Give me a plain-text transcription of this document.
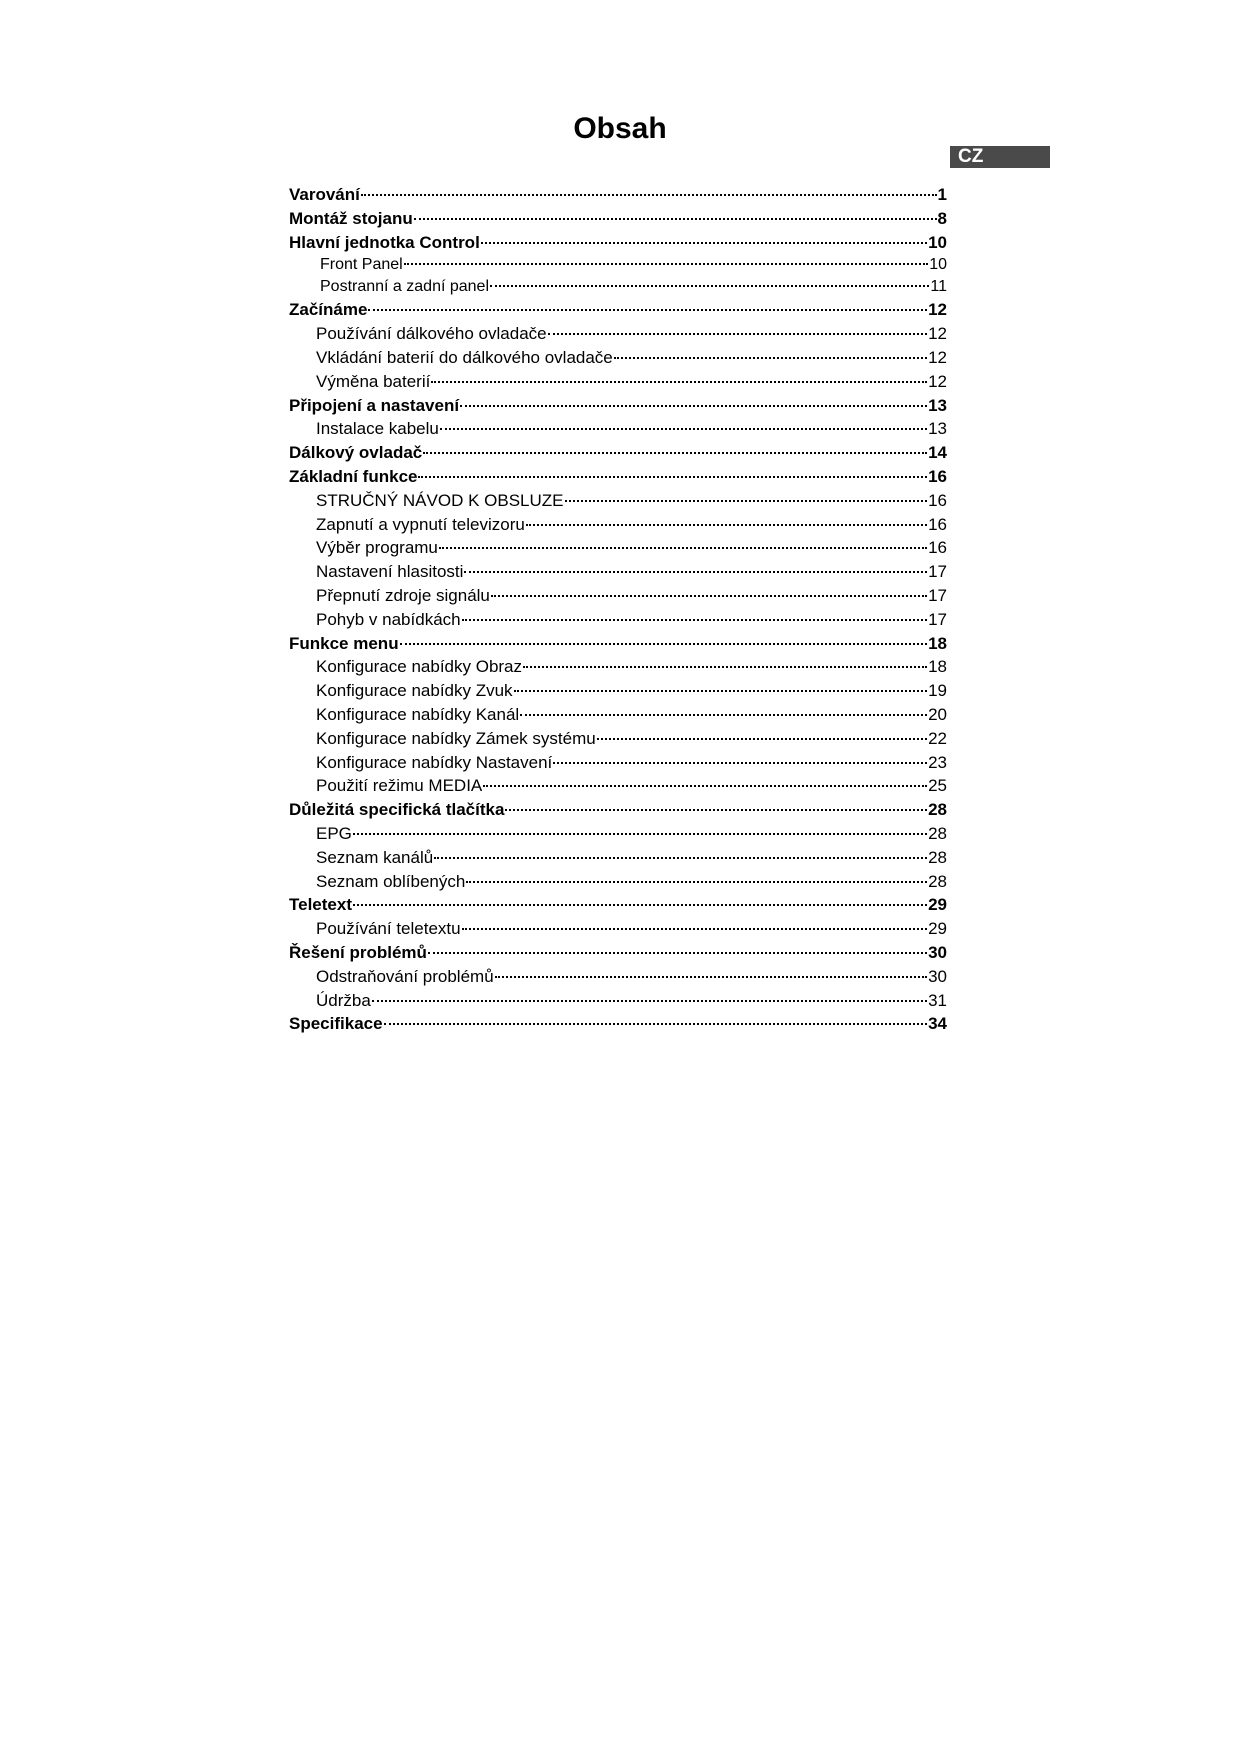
Obsah
CZ
Varování	1
Montáž stojanu	8
Hlavní jednotka Control	10
Front Panel	10
Postranní a zadní panel	11
Začínáme	12
Používání dálkového ovladače	12
Vkládání baterií do dálkového ovladače	12
Výměna baterií	12
Připojení a nastavení	13
Instalace kabelu	13
Dálkový ovladač	14
Základní funkce	16
STRUČNÝ NÁVOD K OBSLUZE	16
Zapnutí a vypnutí televizoru	16
Výběr programu	16
Nastavení hlasitosti	17
Přepnutí zdroje signálu	17
Pohyb v nabídkách	17
Funkce menu	18
Konfigurace nabídky Obraz	18
Konfigurace nabídky Zvuk	19
Konfigurace nabídky Kanál	20
Konfigurace nabídky Zámek systému	22
Konfigurace nabídky Nastavení	23
Použití režimu MEDIA	25
Důležitá specifická tlačítka	28
EPG	28
Seznam kanálů	28
Seznam oblíbených	28
Teletext	29
Používání teletextu	29
Řešení problémů	30
Odstraňování problémů	30
Údržba	31
Specifikace	34
